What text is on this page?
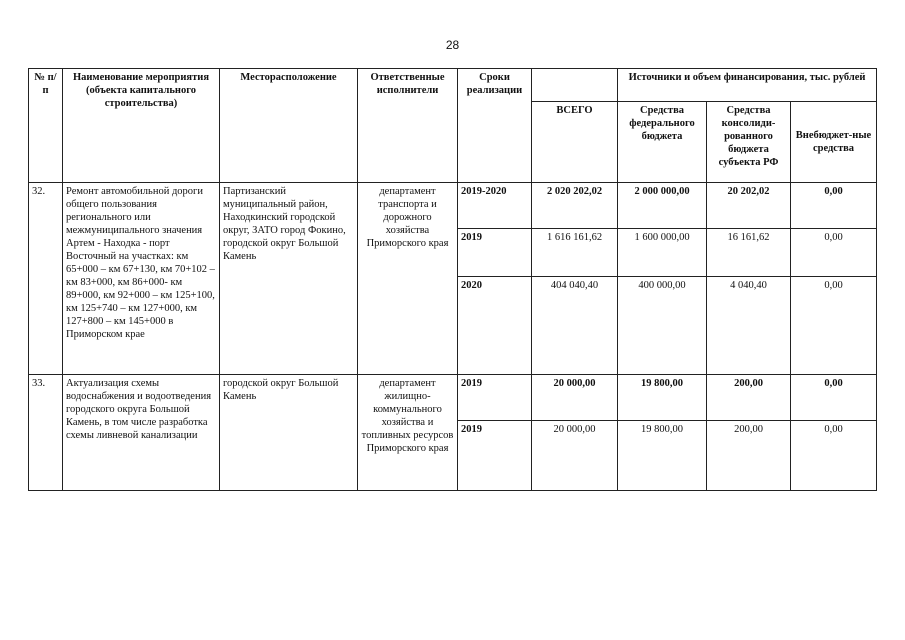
28
№ п/п	Наименование мероприятия (объекта капитального строительства)	Месторасположение	Ответственные исполнители	Сроки реализации		Источники и объем финансирования, тыс. рублей		
					ВСЕГО	Средства федерального бюджета	Средства консолиди-рованного бюджета субъекта РФ	Внебюджет-ные средства
32.	Ремонт автомобильной дороги общего пользования регионального или межмуниципального значения Артем - Находка - порт Восточный на участках: км 65+000 – км 67+130, км 70+102 – км 83+000, км 86+000- км 89+000, км 92+000 – км 125+100, км 125+740 – км 127+000, км 127+800 – км 145+000 в Приморском крае	Партизанский муниципальный район, Находкинский городской округ, ЗАТО город Фокино, городской округ Большой Камень	департамент транспорта и дорожного хозяйства Приморского края	2019-2020	2 020 202,02	2 000 000,00	20 202,02	0,00
				2019	1 616 161,62	1 600 000,00	16 161,62	0,00
				2020	404 040,40	400 000,00	4 040,40	0,00
33.	Актуализация схемы водоснабжения и водоотведения городского округа Большой Камень, в том числе разработка схемы ливневой канализации	городской округ Большой Камень	департамент жилищно-коммунального хозяйства и топливных ресурсов Приморского края	2019	20 000,00	19 800,00	200,00	0,00
				2019	20 000,00	19 800,00	200,00	0,00
